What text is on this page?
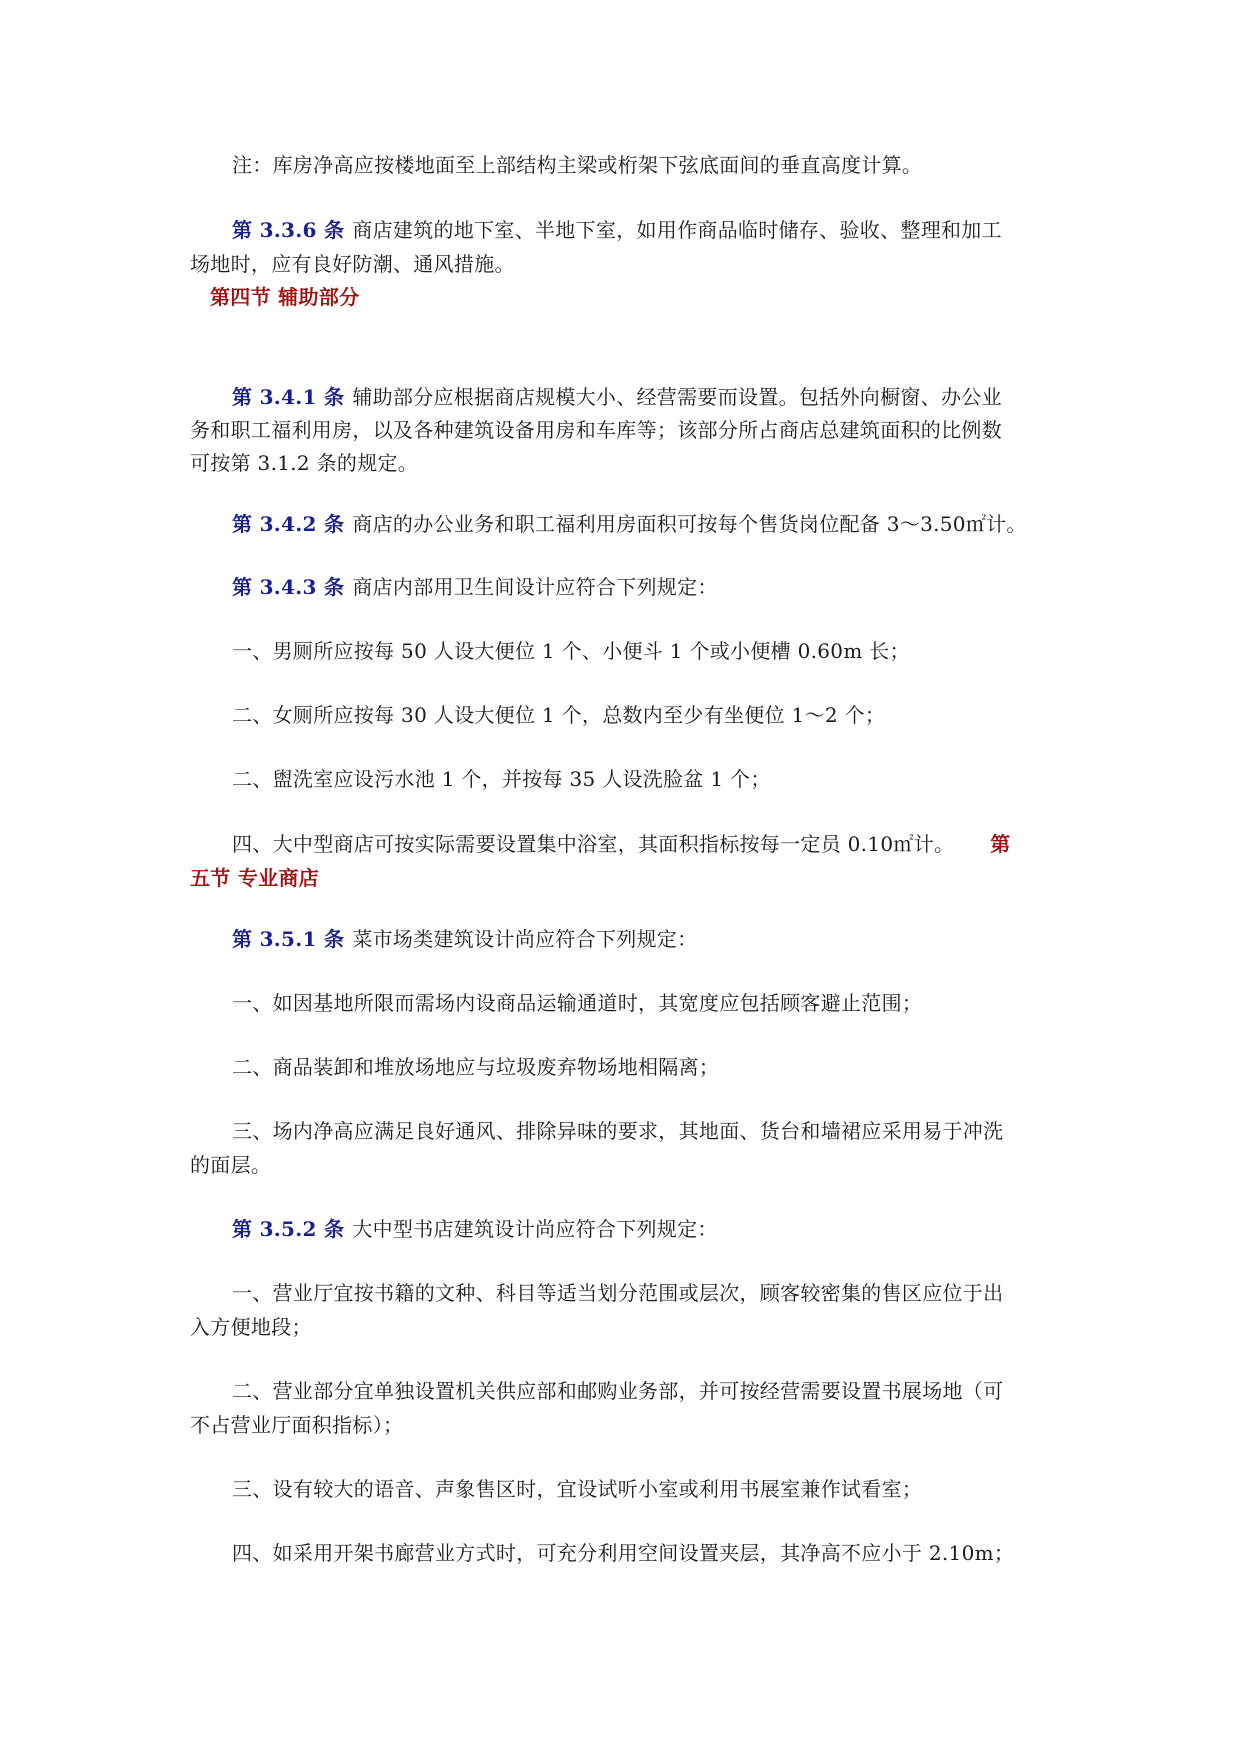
注：库房净高应按楼地面至上部结构主梁或桁架下弦底面间的垂直高度计算。
第 3.3.6 条 商店建筑的地下室、半地下室，如用作商品临时储存、验收、整理和加工
场地时，应有良好防潮、通风措施。
第四节 辅助部分
第 3.4.1 条 辅助部分应根据商店规模大小、经营需要而设置。包括外向橱窗、办公业
务和职工福利用房，以及各种建筑设备用房和车库等；该部分所占商店总建筑面积的比例数
可按第 3.1.2 条的规定。
第 3.4.2 条 商店的办公业务和职工福利用房面积可按每个售货岗位配备 3～3.50㎡计。
第 3.4.3 条 商店内部用卫生间设计应符合下列规定：
一、男厕所应按每 50 人设大便位 1 个、小便斗 1 个或小便槽 0.60m 长；
二、女厕所应按每 30 人设大便位 1 个，总数内至少有坐便位 1～2 个；
二、盥洗室应设污水池 1 个，并按每 35 人设洗脸盆 1 个；
四、大中型商店可按实际需要设置集中浴室，其面积指标按每一定员 0.10㎡计。 第
五节 专业商店
第 3.5.1 条 菜市场类建筑设计尚应符合下列规定：
一、如因基地所限而需场内设商品运输通道时，其宽度应包括顾客避止范围；
二、商品装卸和堆放场地应与垃圾废弃物场地相隔离；
三、场内净高应满足良好通风、排除异味的要求，其地面、货台和墙裙应采用易于冲洗
的面层。
第 3.5.2 条 大中型书店建筑设计尚应符合下列规定：
一、营业厅宜按书籍的文种、科目等适当划分范围或层次，顾客较密集的售区应位于出
入方便地段；
二、营业部分宜单独设置机关供应部和邮购业务部，并可按经营需要设置书展场地（可
不占营业厅面积指标）；
三、设有较大的语音、声象售区时，宜设试听小室或利用书展室兼作试看室；
四、如采用开架书廊营业方式时，可充分利用空间设置夹层，其净高不应小于 2.10m；
